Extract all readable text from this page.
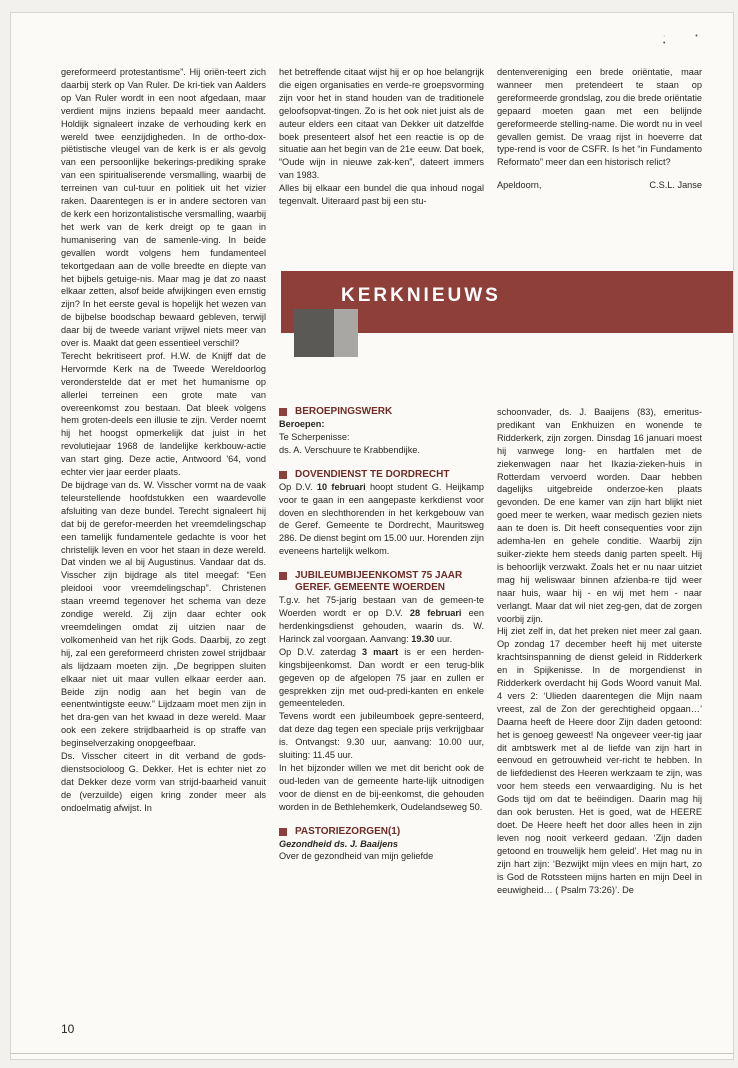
· • •

gereformeerd protestantisme”. Hij oriën-teert zich daarbij sterk op Van Ruler. De kri-tiek van Aalders op Van Ruler wordt in een noot afgedaan, maar verdient mijns inziens bepaald meer aandacht. Holdijk signaleert inzake de verhouding kerk en wereld twee eenzijdigheden. In de ortho-dox-piëtistische vleugel van de kerk is er als gevolg van een persoonlijke bekerings-prediking sprake van een spiritualiserende versmalling, waarbij de terreinen van cul-tuur en politiek uit het vizier raken. Daarentegen is er in andere sectoren van de kerk een horizontalistische versmalling, waarbij het werk van de kerk dreigt op te gaan in humanisering van de samenle-ving. In beide gevallen wordt volgens hem fundamenteel tekortgedaan aan de volle breedte en diepte van het bijbels getuige-nis. Maar mag je dat zo naast elkaar zetten, alsof beide afwijkingen even ernstig zijn? In het eerste geval is hopelijk het wezen van de bijbelse boodschap bewaard gebleven, terwijl daar bij de tweede variant vrijwel niets meer van over is. Maakt dat geen essentieel verschil?

Terecht bekritiseert prof. H.W. de Knijff dat de Hervormde Kerk na de Tweede Wereldoorlog veronderstelde dat er met het humanisme op allerlei terreinen een grote mate van overeenkomst zou bestaan. Dat bleek volgens hem groten-deels een illusie te zijn. Verder noemt hij het hoogst opmerkelijk dat juist in het revolutiejaar 1968 de landelijke kerkbouw-actie van start ging. Deze actie, Antwoord '64, vond echter vier jaar eerder plaats.

De bijdrage van ds. W. Visscher vormt na de vaak teleurstellende hoofdstukken een waardevolle afsluiting van deze bundel. Terecht signaleert hij dat bij de gerefor-meerden het vreemdelingschap een tamelijk fundamentele gedachte is voor het christelijk leven en voor het staan in deze wereld. Dat vinden we al bij Augustinus. Vandaar dat ds. Visscher zijn bijdrage als titel meegaf: “Een pleidooi voor vreemdelingschap”. Christenen staan vreemd tegenover het schema van deze zondige wereld. Zij zijn daar echter ook vreemdelingen omdat zij uitzien naar de volkomenheid van het rijk Gods. Daarbij, zo zegt hij, zal een gereformeerd christen zowel strijdbaar als lijdzaam moeten zijn. „De begrippen sluiten elkaar niet uit maar vullen elkaar eerder aan. Beide zijn nodig aan het begin van de eenentwintigste eeuw.” Lijdzaam moet men zijn in het dra-gen van het kwaad in deze wereld. Maar ook een zekere strijdbaarheid is op straffe van beginselverzaking onopgeefbaar.

Ds. Visscher citeert in dit verband de gods-dienstsocioloog G. Dekker. Het is echter niet zo dat Dekker deze vorm van strijd-baarheid vanuit de (verzuilde) eigen kring zonder meer als ondoelmatig afwijst. In

het betreffende citaat wijst hij er op hoe belangrijk die eigen organisaties en verde-re groepsvorming zijn voor het in stand houden van de traditionele geloofsopvat-tingen. Zo is het ook niet juist als de auteur elders een citaat van Dekker uit datzelfde boek presenteert alsof het een reactie is op de situatie aan het begin van de 21e eeuw. Dat boek, “Oude wijn in nieuwe zak-ken”, dateert immers van 1983.

Alles bij elkaar een bundel die qua inhoud nogal tegenvalt. Uiteraard past bij een stu-

dentenvereniging een brede oriëntatie, maar wanneer men pretendeert te staan op gereformeerde grondslag, zou die brede oriëntatie gepaard moeten gaan met een belijnde gereformeerde stelling-name. Die wordt nu in veel gevallen gemist. De vraag rijst in hoeverre dat type-rend is voor de CSFR. Is het “in Fundamento Reformato” meer dan een historisch relict?

Apeldoorn,	C.S.L. Janse
KERKNIEUWS
BEROEPINGSWERK

Beroepen:

Te Scherpenisse:

ds. A. Verschuure te Krabbendijke.

DOVENDIENST TE DORDRECHT

Op D.V. 10 februari hoopt student G. Heijkamp voor te gaan in een aangepaste kerkdienst voor doven en slechthorenden in het kerkgebouw van de Geref. Gemeente te Dordrecht, Mauritsweg 286. De dienst begint om 15.00 uur. Horenden zijn eveneens hartelijk welkom.

JUBILEUMBIJEENKOMST 75 JAAR GEREF. GEMEENTE WOERDEN

T.g.v. het 75-jarig bestaan van de gemeen-te Woerden wordt er op D.V. 28 februari een herdenkingsdienst gehouden, waarin ds. W. Harinck zal voorgaan. Aanvang: 19.30 uur.

Op D.V. zaterdag 3 maart is er een herden-kingsbijeenkomst. Dan wordt er een terug-blik gegeven op de afgelopen 75 jaar en zullen er gesprekken zijn met oud-predi-kanten en enkele gemeenteleden.

Tevens wordt een jubileumboek gepre-senteerd, dat deze dag tegen een speciale prijs verkrijgbaar is. Ontvangst: 9.30 uur, aanvang: 10.00 uur, sluiting: 11.45 uur.

In het bijzonder willen we met dit bericht ook de oud-leden van de gemeente harte-lijk uitnodigen voor de dienst en de bij-eenkomst, die gehouden worden in de Bethlehemkerk, Oudelandseweg 50.

PASTORIEZORGEN(1)

Gezondheid ds. J. Baaijens

Over de gezondheid van mijn geliefde

schoonvader, ds. J. Baaijens (83), emeritus-predikant van Enkhuizen en wonende te Ridderkerk, zijn zorgen. Dinsdag 16 januari moest hij vanwege long- en hartfalen met de ziekenwagen naar het Ikazia-zieken-huis in Rotterdam vervoerd worden. Daar hebben dagelijks uitgebreide onderzoe-ken plaats gevonden. De ene kamer van zijn hart blijkt niet goed meer te werken, waar medisch gezien niets aan te doen is. Dit heeft consequenties voor zijn ademha-len en gehele conditie. Waarbij zijn suiker-ziekte hem steeds danig parten speelt. Hij is behoorlijk verzwakt. Zoals het er nu naar uitziet mag hij weliswaar binnen afzienba-re tijd weer naar huis, waar hij - en wij met hem - naar verlangt. Maar dat wil niet zeg-gen, dat de zorgen voorbij zijn.

Hij ziet zelf in, dat het preken niet meer zal gaan. Op zondag 17 december heeft hij met uiterste krachtsinspanning de dienst geleid in Ridderkerk en in Spijkenisse. In de morgendienst in Ridderkerk overdacht hij Gods Woord vanuit Mal. 4 vers 2: ‘Ulieden daarentegen die Mijn naam vreest, zal de Zon der gerechtigheid opgaan…’ Daarna heeft de Heere door Zijn daden getoond: het is genoeg geweest! Na ongeveer veer-tig jaar dit ambtswerk met al de liefde van zijn hart in eenvoud en getrouwheid ver-richt te hebben. In de liefdedienst des Heeren werkzaam te zijn, was voor hem steeds een verwaardiging. Nu is het Gods tijd om dat te beëindigen. Daarin mag hij dan ook berusten. Het is goed, wat de HEERE doet. De Heere heeft het door alles heen in zijn leven nog nooit verkeerd gedaan. ‘Zijn daden getoond en trouwelijk hem geleid’. Het mag nu in zijn hart zijn: ‘Bezwijkt mijn vlees en mijn hart, zo is God de Rotssteen mijns harten en mijn Deel in eeuwigheid… ( Psalm 73:26)’. De

10
